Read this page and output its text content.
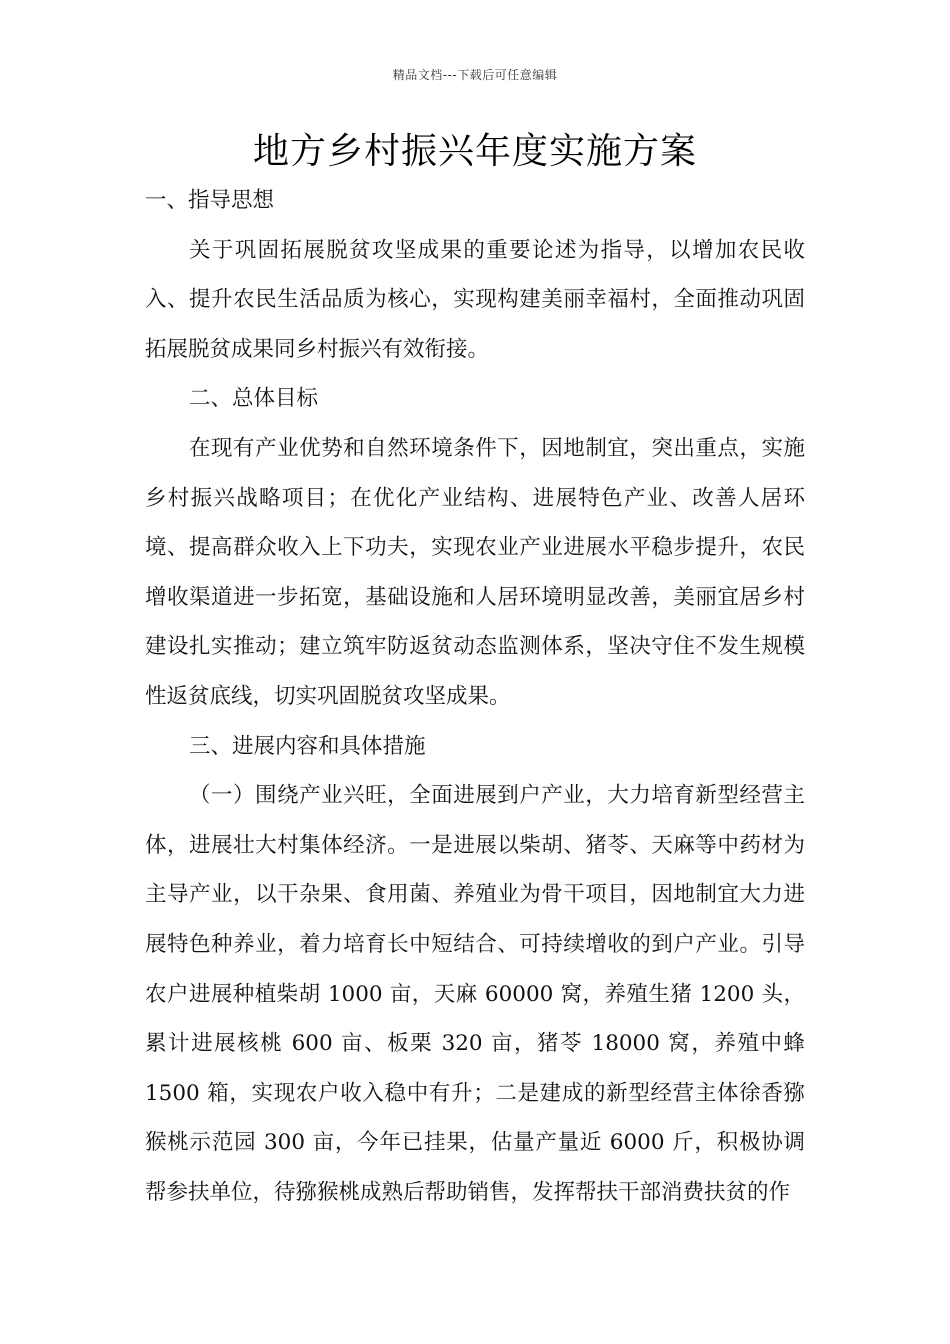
精品文档---下载后可任意编辑
地方乡村振兴年度实施方案

一、指导思想

关于巩固拓展脱贫攻坚成果的重要论述为指导，以增加农民收入、提升农民生活品质为核心，实现构建美丽幸福村，全面推动巩固拓展脱贫成果同乡村振兴有效衔接。

二、总体目标

在现有产业优势和自然环境条件下，因地制宜，突出重点，实施乡村振兴战略项目；在优化产业结构、进展特色产业、改善人居环境、提高群众收入上下功夫，实现农业产业进展水平稳步提升，农民增收渠道进一步拓宽，基础设施和人居环境明显改善，美丽宜居乡村建设扎实推动；建立筑牢防返贫动态监测体系，坚决守住不发生规模性返贫底线，切实巩固脱贫攻坚成果。

三、进展内容和具体措施

（一）围绕产业兴旺，全面进展到户产业，大力培育新型经营主体，进展壮大村集体经济。一是进展以柴胡、猪苓、天麻等中药材为主导产业，以干杂果、食用菌、养殖业为骨干项目，因地制宜大力进展特色种养业，着力培育长中短结合、可持续增收的到户产业。引导农户进展种植柴胡 1000 亩，天麻 60000 窝，养殖生猪 1200 头，累计进展核桃 600 亩、板栗 320 亩，猪苓 18000 窝，养殖中蜂 1500 箱，实现农户收入稳中有升；二是建成的新型经营主体徐香猕猴桃示范园 300 亩，今年已挂果，估量产量近 6000 斤，积极协调帮参扶单位，待猕猴桃成熟后帮助销售，发挥帮扶干部消费扶贫的作
